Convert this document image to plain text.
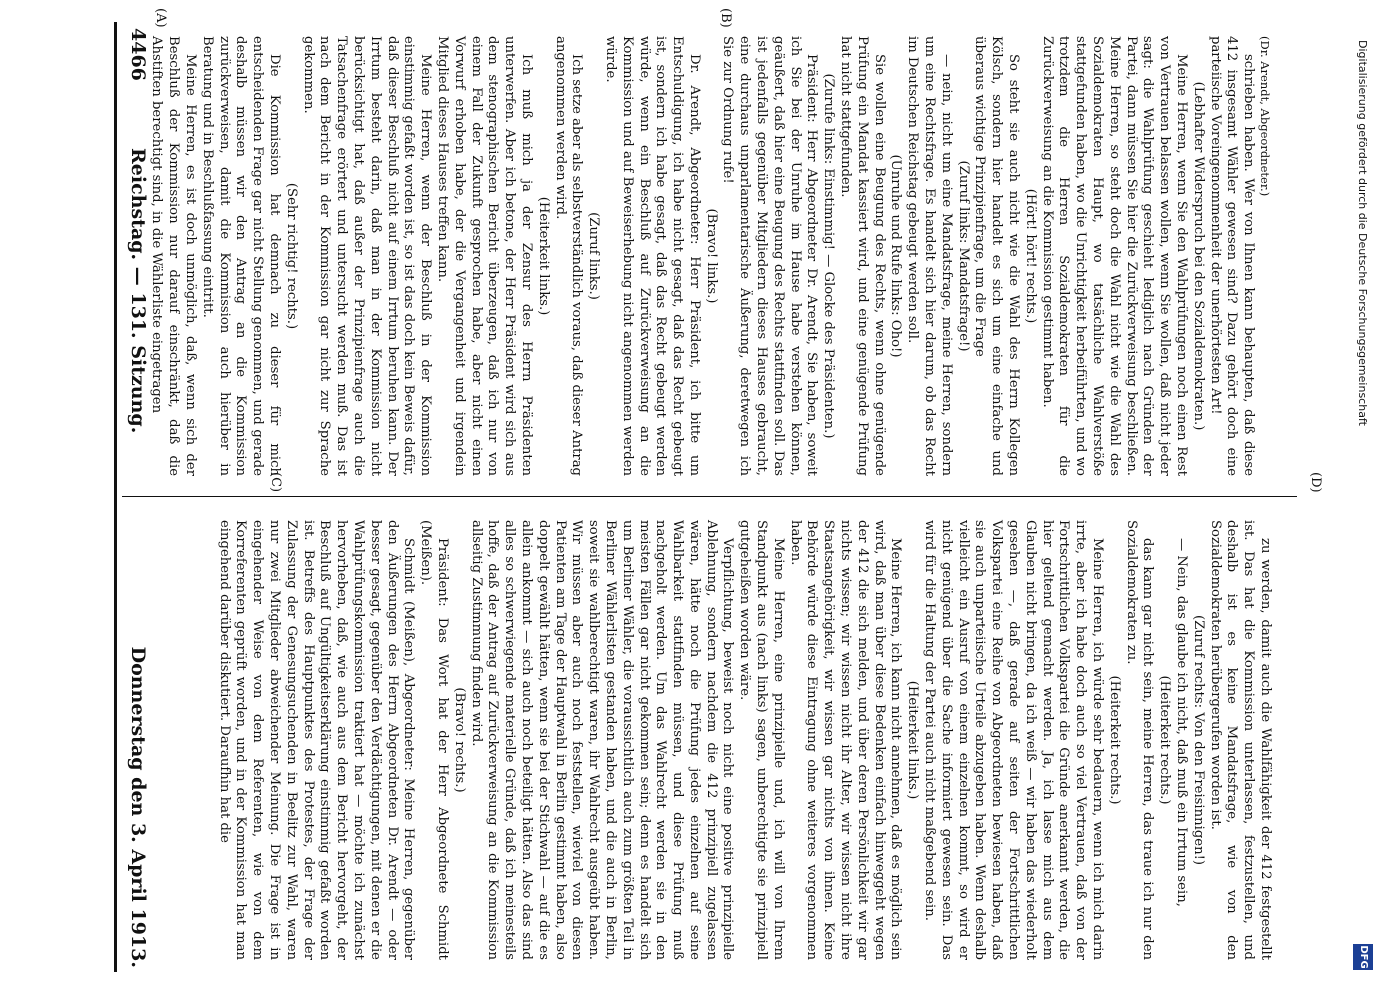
Digitalisierung gefördert durch die Deutsche Forschungsgemeinschaft
DFG
4466
Reichstag. — 131. Sitzung.
Donnerstag den 3. April 1913.
(A)	(B)
(C)	(D)

(Dr. Arendt, Abgeordneter.)

schrieben haben. Wer von Ihnen kann behaupten, daß diese 412 insgesamt Wähler gewesen sind? Dazu gehört doch eine parteiische Voreingenommenheit der unerhörtesten Art!

(Lebhafter Widerspruch bei den Sozialdemokraten.)

Meine Herren, wenn Sie den Wahlprüfungen noch einen Rest von Vertrauen belassen wollen, wenn Sie wollen, daß nicht jeder sagt: die Wahlprüfung geschieht lediglich nach Gründen der Partei, dann müssen Sie hier die Zurückverweisung beschließen. Meine Herren, so steht doch die Wahl nicht wie die Wahl des Sozialdemokraten Haupt, wo tatsächliche Wahlverstöße stattgefunden haben, wo die Unrichtigkeit herbeiführten, und wo trotzdem die Herren Sozialdemokraten für die Zurückverweisung an die Kommission gestimmt haben.

(Hört! hört! rechts.)

So steht sie auch nicht wie die Wahl des Herrn Kollegen Kölsch, sondern hier handelt es sich um eine einfache und überaus wichtige Prinzipienfrage, um die Frage

(Zuruf links: Mandatsfrage!)

— nein, nicht um eine Mandatsfrage, meine Herren, sondern um eine Rechtsfrage. Es handelt sich hier darum, ob das Recht im Deutschen Reichstag gebeugt werden soll.

(Unruhe und Rufe links: Oho!)

Sie wollen eine Beugung des Rechts, wenn ohne genügende Prüfung ein Mandat kassiert wird, und eine genügende Prüfung hat nicht stattgefunden.

(Zurufe links: Einstimmig! — Glocke des Präsidenten.)

Präsident: Herr Abgeordneter Dr. Arendt, Sie haben, soweit ich Sie bei der Unruhe im Hause habe verstehen können, geäußert, daß hier eine Beugung des Rechts stattfinden soll. Das ist jedenfalls gegenüber Mitgliedern dieses Hauses gebraucht, eine durchaus unparlamentarische Äußerung, deretwegen ich Sie zur Ordnung rufe!

(Bravo! links.)

Dr. Arendt, Abgeordneter: Herr Präsident, ich bitte um Entschuldigung, ich habe nicht gesagt, daß das Recht gebeugt ist, sondern ich habe gesagt, daß das Recht gebeugt werden würde, wenn ein Beschluß auf Zurückverweisung an die Kommission und auf Beweiserhebung nicht angenommen werden würde.

(Zuruf links.)

Ich setze aber als selbstverständlich voraus, daß dieser Antrag angenommen werden wird.

(Heiterkeit links.)

Ich muß mich ja der Zensur des Herrn Präsidenten unterwerfen. Aber ich betone, der Herr Präsident wird sich aus dem stenographischen Bericht überzeugen, daß ich nur von einem Fall der Zukunft gesprochen habe, aber nicht einen Vorwurf erhoben habe, der die Vergangenheit und irgendein Mitglied dieses Hauses treffen kann.

Meine Herren, wenn der Beschluß in der Kommission einstimmig gefaßt worden ist, so ist das doch kein Beweis dafür, daß dieser Beschluß nicht auf einem Irrtum beruhen kann. Der Irrtum besteht darin, daß man in der Kommission nicht berücksichtigt hat, daß außer der Prinzipienfrage auch die Tatsachenfrage erörtert und untersucht werden muß. Das ist nach dem Bericht in der Kommission gar nicht zur Sprache gekommen.

(Sehr richtig! rechts.)

Die Kommission hat demnach zu dieser für mich entscheidenden Frage gar nicht Stellung genommen, und gerade deshalb müssen wir den Antrag an die Kommission zurückverweisen, damit die Kommission auch hierüber in Beratung und in Beschlußfassung eintritt.

Meine Herren, es ist doch unmöglich, daß, wenn sich der Beschluß der Kommission nur darauf einschränkt, daß die Ahstiften berechtigt sind, in die Wählerliste eingetragen

zu werden, damit auch die Wahlfähigkeit der 412 festgestellt ist. Das hat die Kommission unterlassen, festzustellen, und deshalb ist es keine Mandatsfrage, wie von den Sozialdemokraten herübergerufen worden ist.

(Zuruf rechts: Von den Freisinnigen!)

— Nein, das glaube ich nicht, daß muß ein Irrtum sein,

(Heiterkeit rechts.)

das kann gar nicht sein, meine Herren, das traue ich nur den Sozialdemokraten zu.

(Heiterkeit rechts.)

Meine Herren, ich würde sehr bedauern, wenn ich mich darin irrte, aber ich habe doch auch so viel Vertrauen, daß von der Fortschrittlichen Volkspartei die Gründe anerkannt werden, die hier geltend gemacht werden. Ja, ich lasse mich aus dem Glauben nicht bringen, da ich weiß — wir haben das wiederholt gesehen —, daß gerade auf seiten der Fortschrittlichen Volkspartei eine Reihe von Abgeordneten bewiesen haben, daß sie auch unparteiische Urteile abzugeben haben. Wenn deshalb vielleicht ein Ausruf von einem einzelnen kommt, so wird er nicht genügend über die Sache informiert gewesen sein. Das wird für die Haltung der Partei auch nicht maßgebend sein.

(Heiterkeit links.)

Meine Herren, ich kann nicht annehmen, daß es möglich sein wird, daß man über diese Bedenken einfach hinweggeht wegen der 412 die sich melden, und über deren Persönlichkeit wir gar nichts wissen; wir wissen nicht ihr Alter, wir wissen nicht ihre Staatsangehörigkeit, wir wissen gar nichts von ihnen. Keine Behörde würde diese Eintragung ohne weiteres vorgenommen haben.

Meine Herren, eine prinzipielle und, ich will von Ihrem Standpunkt aus (nach links) sagen, unberechtigte sie prinzipiell gutgeheißen worden wäre.

Verpflichtung, beweist noch nicht eine positive prinzipielle Ablehnung, sondern nachdem die 412 prinzipiell zugelassen wären, hätte noch die Prüfung jedes einzelnen auf seine Wahlbarkeit stattfinden müssen, und diese Prüfung muß nachgeholt werden. Um das Wahlrecht werden sie in den meisten Fällen gar nicht gekommen sein; denn es handelt sich um Berliner Wähler, die voraussichtlich auch zum größten Teil in Berliner Wählerlisten gestanden haben, und die auch in Berlin, soweit sie wahlberechtigt waren, ihr Wahlrecht ausgeübt haben. Wir müssen aber auch noch feststellen, wieviel von diesen Patienten am Tage der Hauptwahl in Berlin gestimmt haben, also doppelt gewählt hätten, wenn sie bei der Stichwahl — auf die es allein ankommt — sich auch noch beteiligt hätten. Also das sind alles so schwerwiegende materielle Gründe, daß ich meinesteils hoffe, daß der Antrag auf Zurückverweisung an die Kommission allseitig Zustimmung finden wird.

(Bravo! rechts.)

Präsident: Das Wort hat der Herr Abgeordnete Schmidt (Meißen).

Schmidt (Meißen), Abgeordneter: Meine Herren, gegenüber den Äußerungen des Herrn Abgeordneten Dr. Arendt — oder besser gesagt, gegenüber den Verdächtigungen, mit denen er die Wahlprüfungskommission traktiert hat — möchte ich zunächst hervorheben, daß, wie auch aus dem Bericht hervorgeht, der Beschluß auf Ungültigkeitserklärung einstimmig gefaßt worden ist. Betreffs des Hauptpunktes des Protestes, der Frage der Zulassung der Genesungsuchenden in Beelitz zur Wahl, waren nur zwei Mitglieder abweichender Meinung. Die Frage ist in eingehender Weise von dem Referenten, wie von dem Korreferenten geprüft worden, und in der Kommission hat man eingehend darüber diskutiert. Daraufhin hat die
